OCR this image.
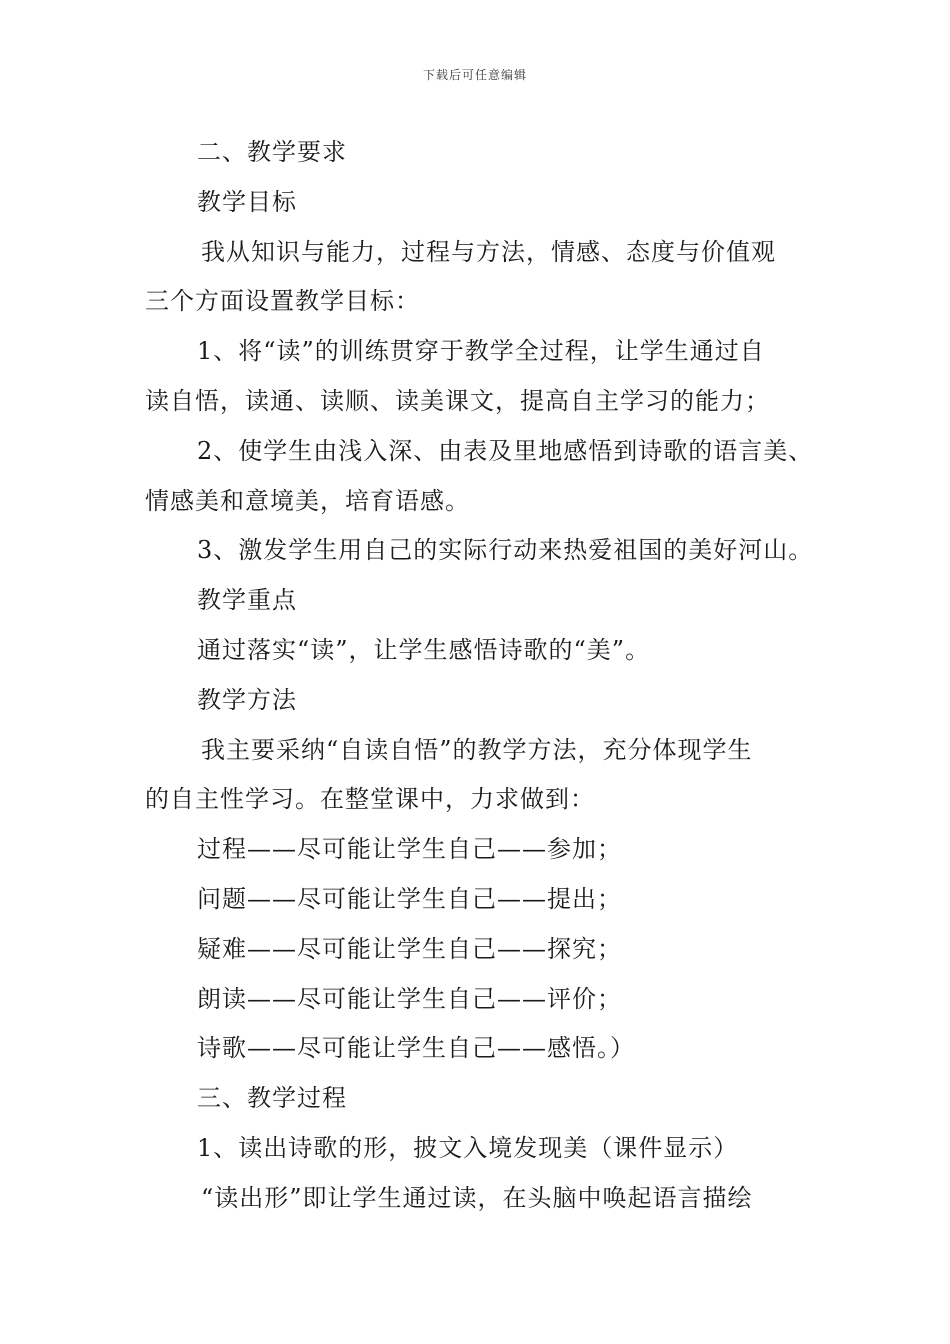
下载后可任意编辑
二、教学要求
教学目标
我从知识与能力，过程与方法，情感、态度与价值观
三个方面设置教学目标：
1、将“读”的训练贯穿于教学全过程，让学生通过自
读自悟，读通、读顺、读美课文，提高自主学习的能力；
2、使学生由浅入深、由表及里地感悟到诗歌的语言美、
情感美和意境美，培育语感。
3、激发学生用自己的实际行动来热爱祖国的美好河山。
教学重点
通过落实“读”，让学生感悟诗歌的“美”。
教学方法
我主要采纳“自读自悟”的教学方法，充分体现学生
的自主性学习。在整堂课中，力求做到：
过程——尽可能让学生自己——参加；
问题——尽可能让学生自己——提出；
疑难——尽可能让学生自己——探究；
朗读——尽可能让学生自己——评价；
诗歌——尽可能让学生自己——感悟。）
三、教学过程
1、读出诗歌的形，披文入境发现美（课件显示）
“读出形”即让学生通过读，在头脑中唤起语言描绘
